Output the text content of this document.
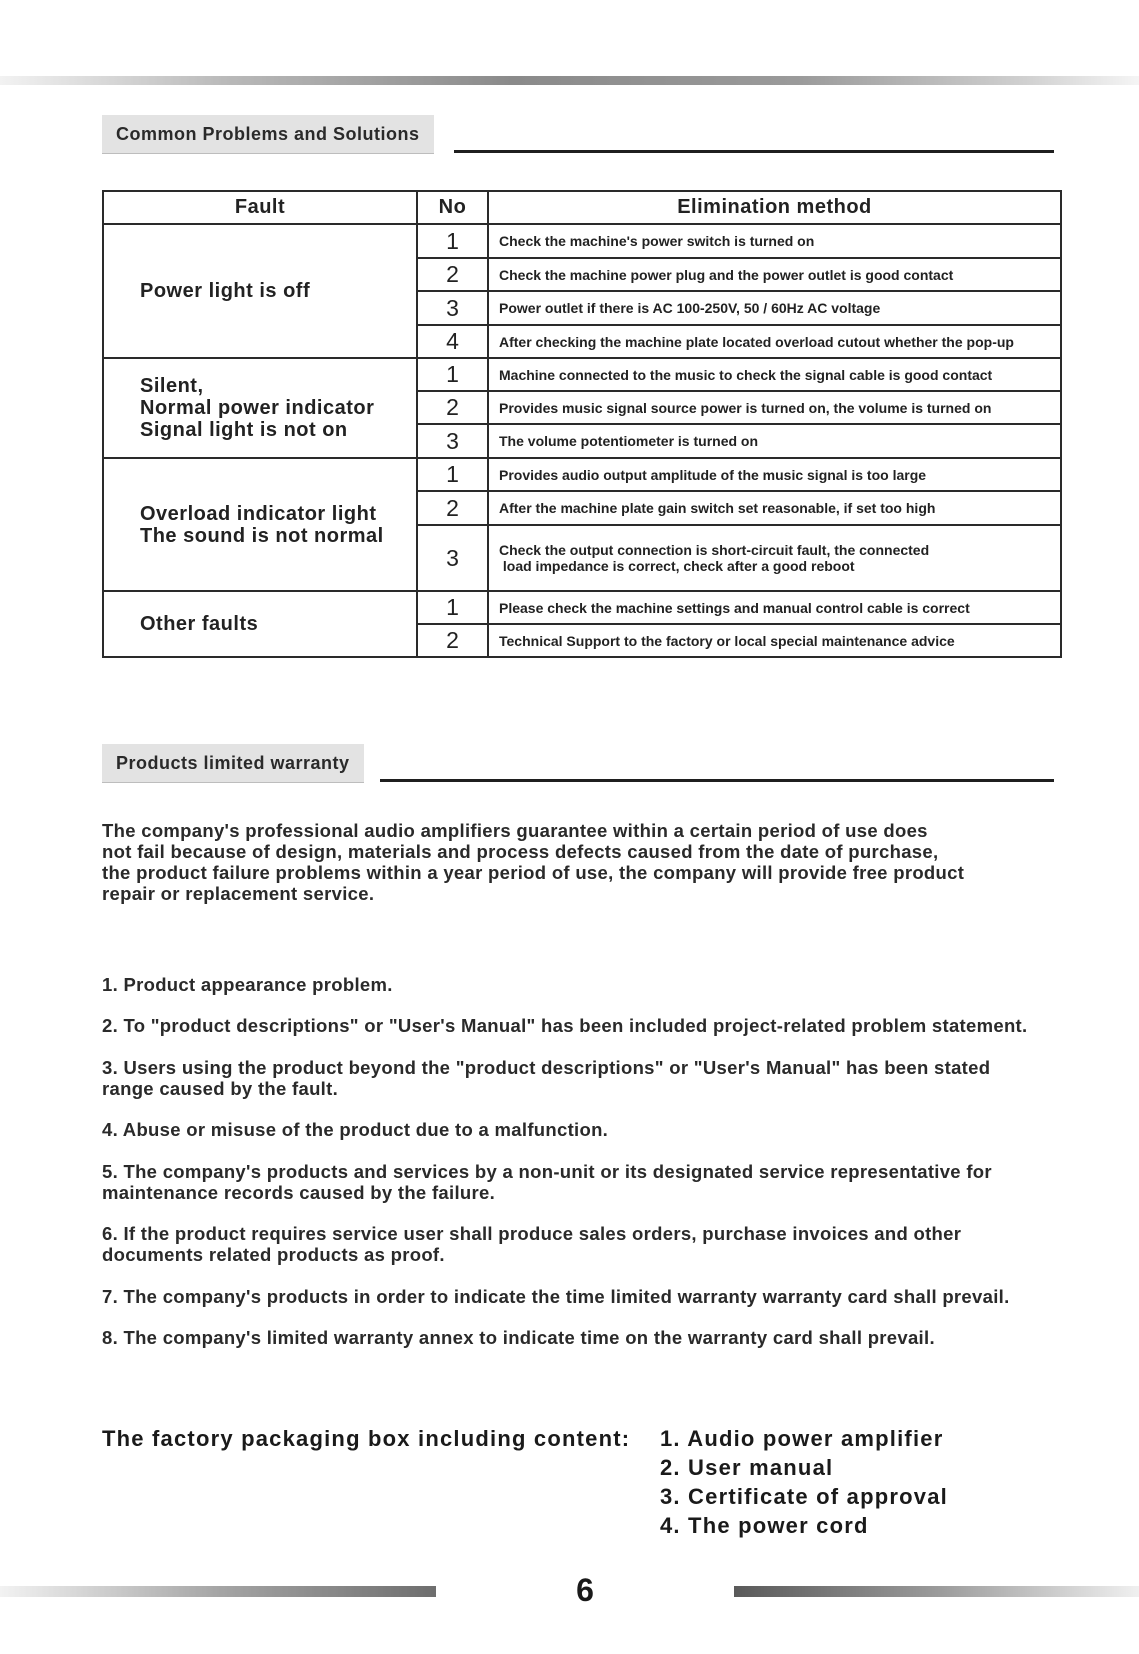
Common Problems and Solutions
Fault	No	Elimination method

Power light is off	1	Check the machine's power switch is turned on
	2	Check the machine power plug and the power outlet is good contact
	3	Power outlet if there is AC 100-250V, 50 / 60Hz AC voltage
	4	After checking the machine plate located overload cutout whether the pop-up

Silent,
Normal power indicator
Signal light is not on	1	Machine connected to the music to check the signal cable is good contact
	2	Provides music signal source power is turned on, the volume is turned on
	3	The volume potentiometer is turned on

Overload indicator light
The sound is not normal	1	Provides audio output amplitude of the music signal is too large
	2	After the machine plate gain switch set reasonable, if set too high
	3	Check the output connection is short-circuit fault, the connected
load impedance is correct, check after a good reboot

Other faults	1	Please check the machine settings and manual control cable is correct
	2	Technical Support to the factory or local special maintenance advice
Products limited warranty
The company's professional audio amplifiers guarantee within a certain period of use does
not fail because of design, materials and process defects caused from the date of purchase,
the product failure problems within a year period of use, the company will provide free product
repair or replacement service.
1. Product appearance problem.
2. To "product descriptions" or "User's Manual" has been included project-related problem statement.
3. Users using the product beyond the "product descriptions" or "User's Manual" has been stated
range caused by the fault.
4. Abuse or misuse of the product due to a malfunction.
5. The company's products and services by a non-unit or its designated service representative for
maintenance records caused by the failure.
6. If the product requires service user shall produce sales orders, purchase invoices and other
documents related products as proof.
7. The company's products in order to indicate the time limited warranty warranty card shall prevail.
8. The company's limited warranty annex to indicate time on the warranty card shall prevail.
The factory packaging box including content: 1. Audio power amplifier
2. User manual
3. Certificate of approval
4. The power cord
6
